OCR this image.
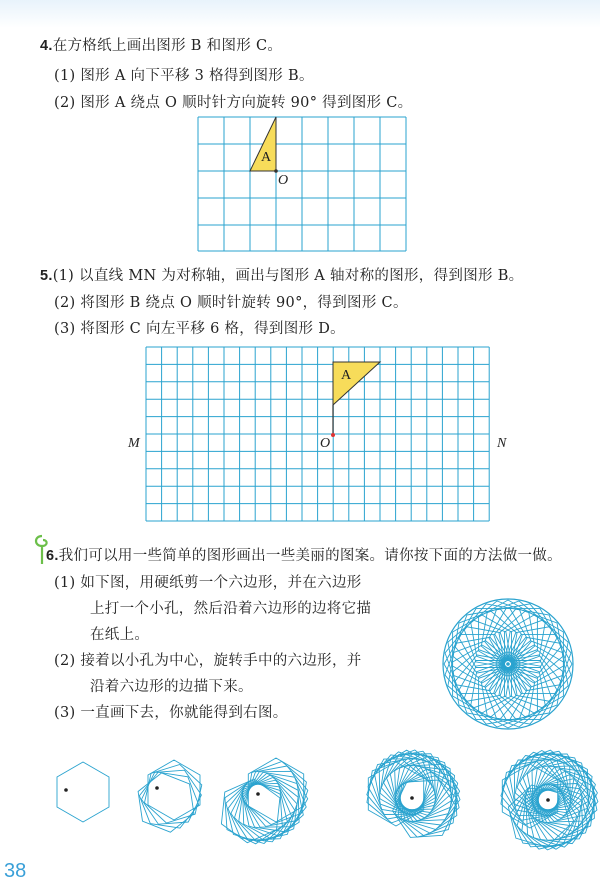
4.在方格纸上画出图形 B 和图形 C。
(1) 图形 A 向下平移 3 格得到图形 B。
(2) 图形 A 绕点 O 顺时针方向旋转 90° 得到图形 C。
A
O
5.(1) 以直线 MN 为对称轴，画出与图形 A 轴对称的图形，得到图形 B。
(2) 将图形 B 绕点 O 顺时针旋转 90°，得到图形 C。
(3) 将图形 C 向左平移 6 格，得到图形 D。
A
O
M	N
6.我们可以用一些简单的图形画出一些美丽的图案。请你按下面的方法做一做。
(1) 如下图，用硬纸剪一个六边形，并在六边形
上打一个小孔，然后沿着六边形的边将它描
在纸上。
(2) 接着以小孔为中心，旋转手中的六边形，并
沿着六边形的边描下来。
(3) 一直画下去，你就能得到右图。
38
